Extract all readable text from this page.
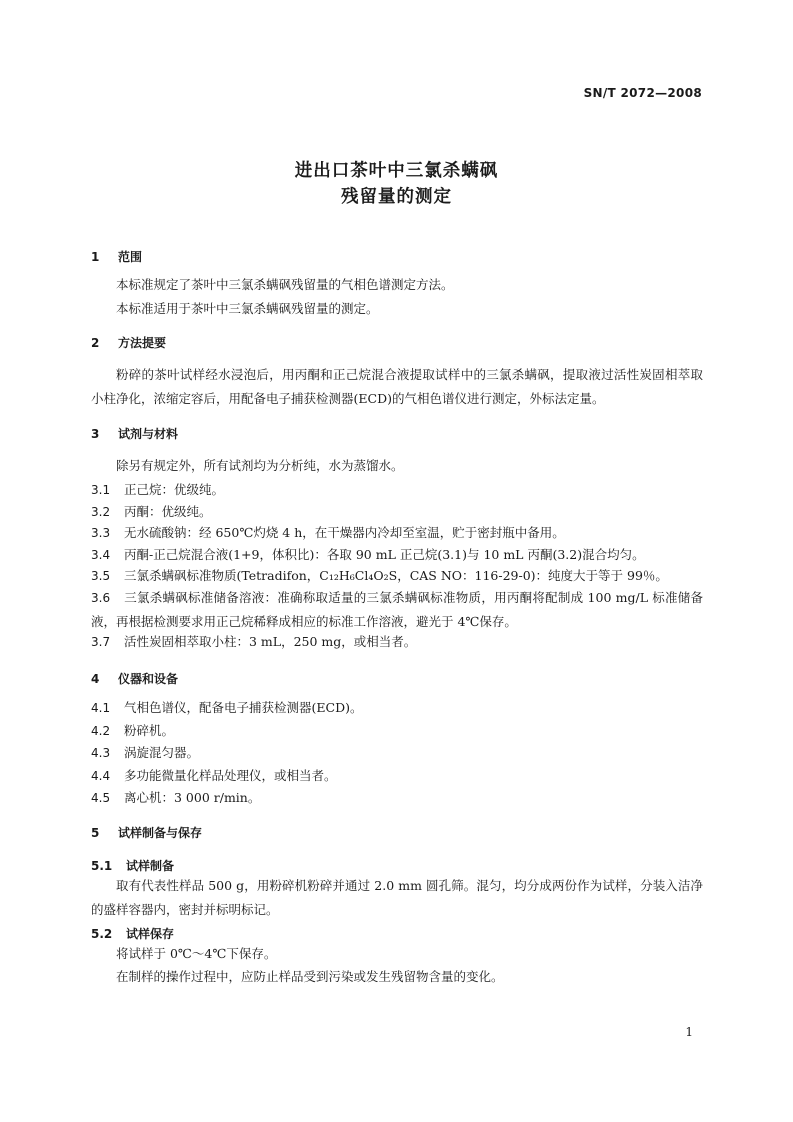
SN/T 2072—2008
进出口茶叶中三氯杀螨砜
残留量的测定
1 范围
本标准规定了茶叶中三氯杀螨砜残留量的气相色谱测定方法。
本标准适用于茶叶中三氯杀螨砜残留量的测定。
2 方法提要
粉碎的茶叶试样经水浸泡后，用丙酮和正己烷混合液提取试样中的三氯杀螨砜，提取液过活性炭固相萃取小柱净化，浓缩定容后，用配备电子捕获检测器(ECD)的气相色谱仪进行测定，外标法定量。
3 试剂与材料
除另有规定外，所有试剂均为分析纯，水为蒸馏水。
3.1 正己烷：优级纯。
3.2 丙酮：优级纯。
3.3 无水硫酸钠：经 650℃灼烧 4 h，在干燥器内冷却至室温，贮于密封瓶中备用。
3.4 丙酮-正己烷混合液(1+9，体积比)：各取 90 mL 正己烷(3.1)与 10 mL 丙酮(3.2)混合均匀。
3.5 三氯杀螨砜标准物质(Tetradifon，C₁₂H₆Cl₄O₂S，CAS NO：116-29-0)：纯度大于等于 99％。
3.6 三氯杀螨砜标准储备溶液：准确称取适量的三氯杀螨砜标准物质，用丙酮将配制成 100 mg/L 标准储备液，再根据检测要求用正己烷稀释成相应的标准工作溶液，避光于 4℃保存。
3.7 活性炭固相萃取小柱：3 mL，250 mg，或相当者。
4 仪器和设备
4.1 气相色谱仪，配备电子捕获检测器(ECD)。
4.2 粉碎机。
4.3 涡旋混匀器。
4.4 多功能微量化样品处理仪，或相当者。
4.5 离心机：3 000 r/min。
5 试样制备与保存
5.1 试样制备
取有代表性样品 500 g，用粉碎机粉碎并通过 2.0 mm 圆孔筛。混匀，均分成两份作为试样，分装入洁净的盛样容器内，密封并标明标记。
5.2 试样保存
将试样于 0℃～4℃下保存。
在制样的操作过程中，应防止样品受到污染或发生残留物含量的变化。
1
